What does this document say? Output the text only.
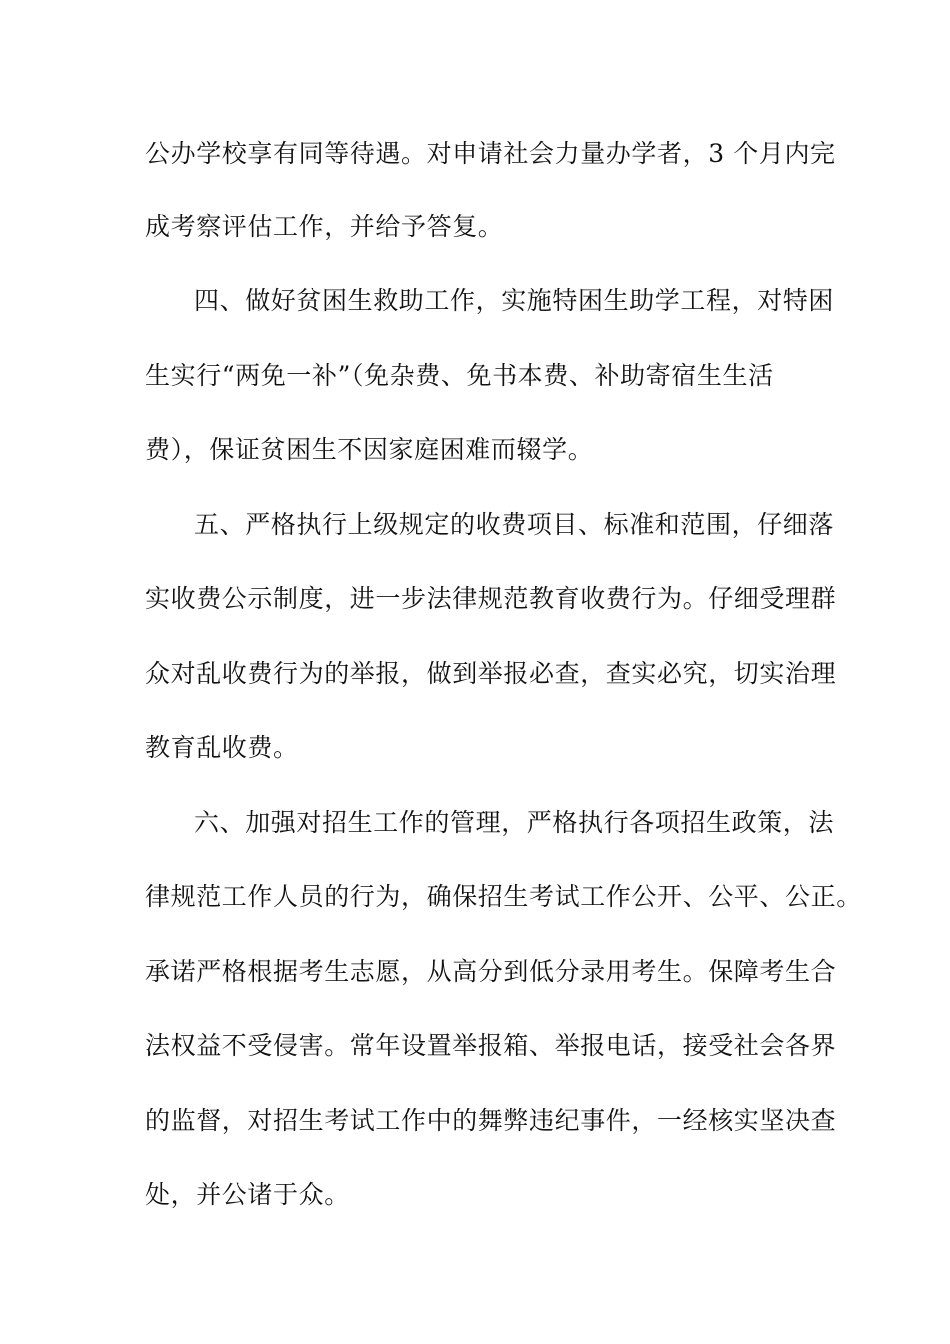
公办学校享有同等待遇。对申请社会力量办学者，3 个月内完
成考察评估工作，并给予答复。
四、做好贫困生救助工作，实施特困生助学工程，对特困
生实行“两免一补”（免杂费、免书本费、补助寄宿生生活
费），保证贫困生不因家庭困难而辍学。
五、严格执行上级规定的收费项目、标准和范围，仔细落
实收费公示制度，进一步法律规范教育收费行为。仔细受理群
众对乱收费行为的举报，做到举报必查，查实必究，切实治理
教育乱收费。
六、加强对招生工作的管理，严格执行各项招生政策，法
律规范工作人员的行为，确保招生考试工作公开、公平、公正。
承诺严格根据考生志愿，从高分到低分录用考生。保障考生合
法权益不受侵害。常年设置举报箱、举报电话，接受社会各界
的监督，对招生考试工作中的舞弊违纪事件，一经核实坚决查
处，并公诸于众。
